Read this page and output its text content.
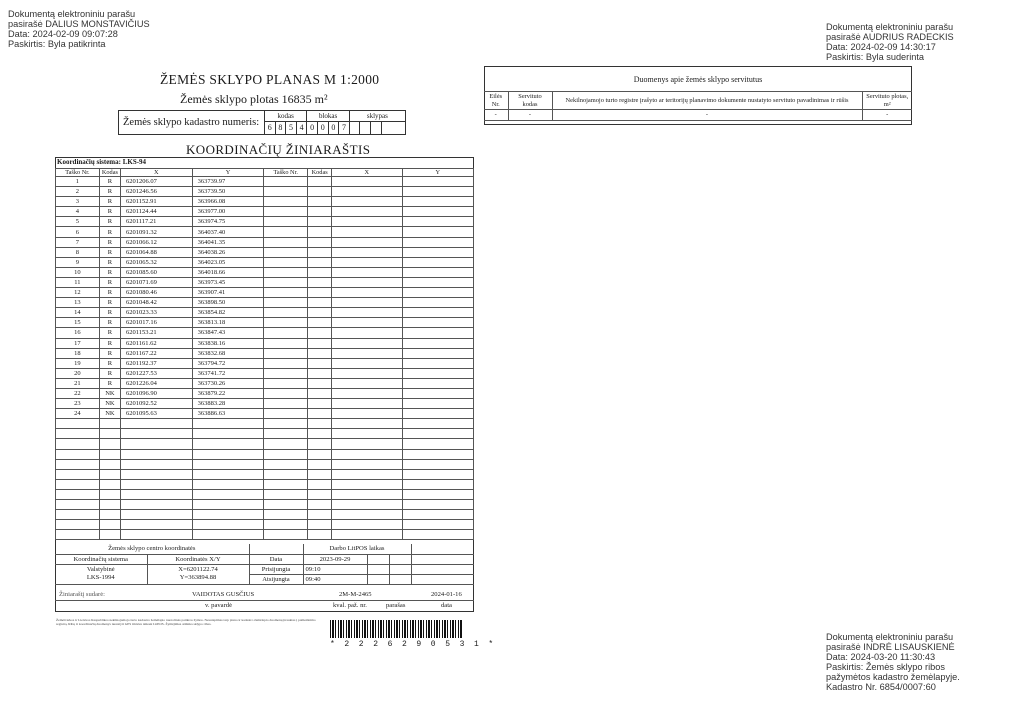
Dokumentą elektroniniu parašu
pasirašė DALIUS MONSTAVIČIUS
Data: 2024-02-09 09:07:28
Paskirtis: Byla patikrinta
Dokumentą elektroniniu parašu
pasirašė AUDRIUS RADECKIS
Data: 2024-02-09 14:30:17
Paskirtis: Byla suderinta
Dokumentą elektroniniu parašu
pasirašė INDRĖ LISAUSKIENĖ
Data: 2024-03-20 11:30:43
Paskirtis: Žemės sklypo ribos
pažymėtos kadastro žemėlapyje.
Kadastro Nr. 6854/0007:60
ŽEMĖS SKLYPO PLANAS M 1:2000
Žemės sklypo plotas 16835 m²
Žemės sklypo kadastro numeris:
kodas	blokas	sklypas
6 8 5 4 0 0 0 7
KOORDINAČIŲ ŽINIARAŠTIS
Koordinačių sistema: LKS-94
Taško Nr.	Kodas	X	Y	Taško Nr.	Kodas	X	Y
1	R	6201206.07	363739.97				
2	R	6201246.56	363739.50				
3	R	6201152.91	363966.08				
4	R	6201124.44	363977.00				
5	R	6201117.21	363974.75				
6	R	6201091.32	364037.40				
7	R	6201066.12	364041.35				
8	R	6201064.88	364038.26				
9	R	6201065.32	364023.05				
10	R	6201085.60	364018.66				
11	R	6201071.69	363973.45				
12	R	6201080.46	363907.41				
13	R	6201048.42	363898.50				
14	R	6201023.33	363854.82				
15	R	6201017.16	363813.18				
16	R	6201153.21	363847.43				
17	R	6201161.62	363838.16				
18	R	6201167.22	363832.68				
19	R	6201192.37	363794.72				
20	R	6201227.53	363741.72				
21	R	6201226.04	363730.26				
22	NK	6201096.90	363879.22				
23	NK	6201092.52	363883.28				
24	NK	6201095.63	363886.63				

Žemės sklypo centro koordinatės			Darbo LitPOS laikas			
Koordinačių sistema	Koordinatės X/Y	Data	2023-09-29			
Valstybinė
LKS-1994	X=6201122.74
Y=363894.88	Prisijungta	09:10			
		Atsijungta	09:40			
Žiniaraštį sudarė:	VAIDOTAS GUSČIUS	2M-M-2465	2024-01-16
v. pavardė	kval. paž. nr.	parašas	data
Žemėtvarkos ir Lietuvos Respublikos nekilnojamojo turto kadastro žemėlapio nuotolinės patikros žymos. Nesutapimas tarp plano ir kadastro žemėlapio duomenų įtrauktas į patikslinimo registrą. Ribų ir koordinačių duomenys nustatyti GPS imtuvu taikant LitPOS. Žymėjimas atitinka sklypo ribas.
* 2 2 2 6 2 9 0 5 3 1 *
Duomenys apie žemės sklypo servitutus
Eilės Nr.	Servituto kodas	Nekilnojamojo turto registre įrašyto ar teritorijų planavimo dokumente nustatyto servituto pavadinimas ir rūšis	Servituto plotas, m²
-	-	-	-
